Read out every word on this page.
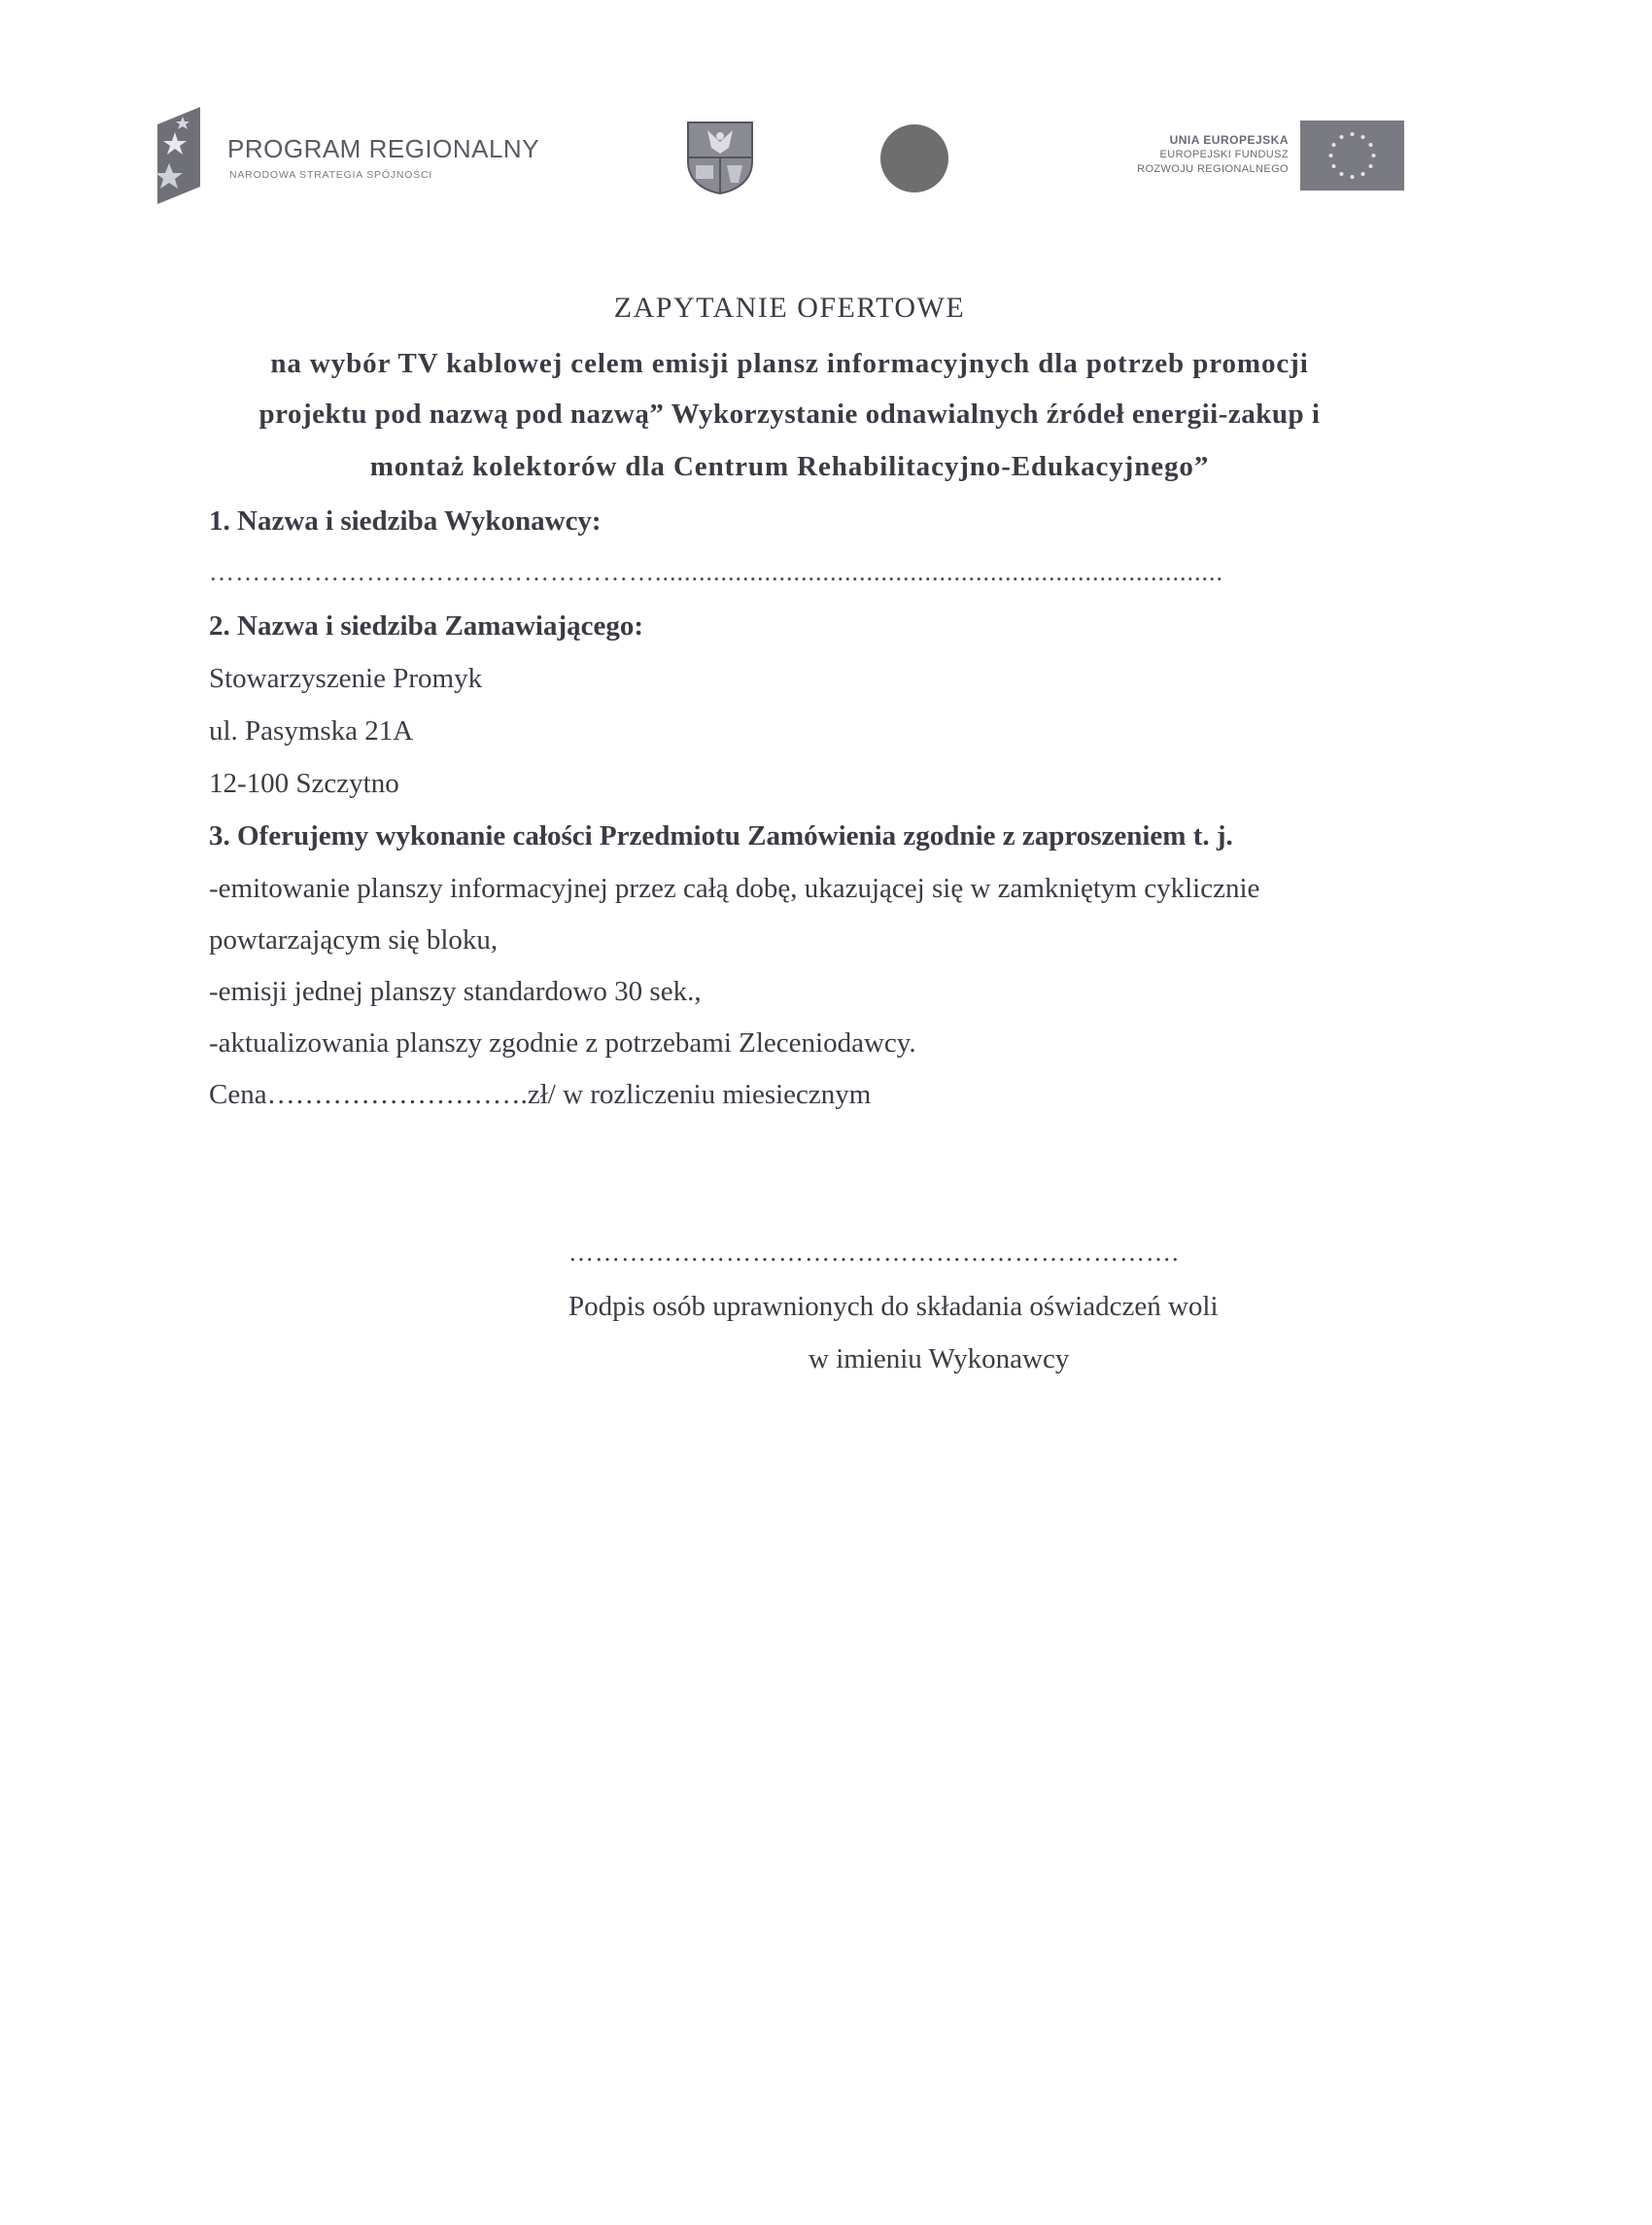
PROGRAM REGIONALNY
NARODOWA STRATEGIA SPÓJNOŚCI
UNIA EUROPEJSKA
EUROPEJSKI FUNDUSZ
ROZWOJU REGIONALNEGO
ZAPYTANIE OFERTOWE
na wybór TV kablowej celem emisji plansz informacyjnych dla potrzeb promocji
projektu pod nazwą pod nazwą” Wykorzystanie odnawialnych źródeł energii-zakup i
montaż kolektorów dla Centrum Rehabilitacyjno-Edukacyjnego”
1. Nazwa i siedziba Wykonawcy:
……………………………………………..............................................................................
2. Nazwa i siedziba Zamawiającego:
Stowarzyszenie Promyk
ul. Pasymska 21A
12-100 Szczytno
3. Oferujemy wykonanie całości Przedmiotu Zamówienia zgodnie z zaproszeniem t. j.
-emitowanie planszy informacyjnej przez całą dobę, ukazującej się w zamkniętym cyklicznie
powtarzającym się bloku,
-emisji jednej planszy standardowo 30 sek.,
-aktualizowania planszy zgodnie z potrzebami Zleceniodawcy.
Cena……………………….zł/ w rozliczeniu miesiecznym
…………………………………………………………….
Podpis osób uprawnionych do składania oświadczeń woli
w imieniu Wykonawcy
